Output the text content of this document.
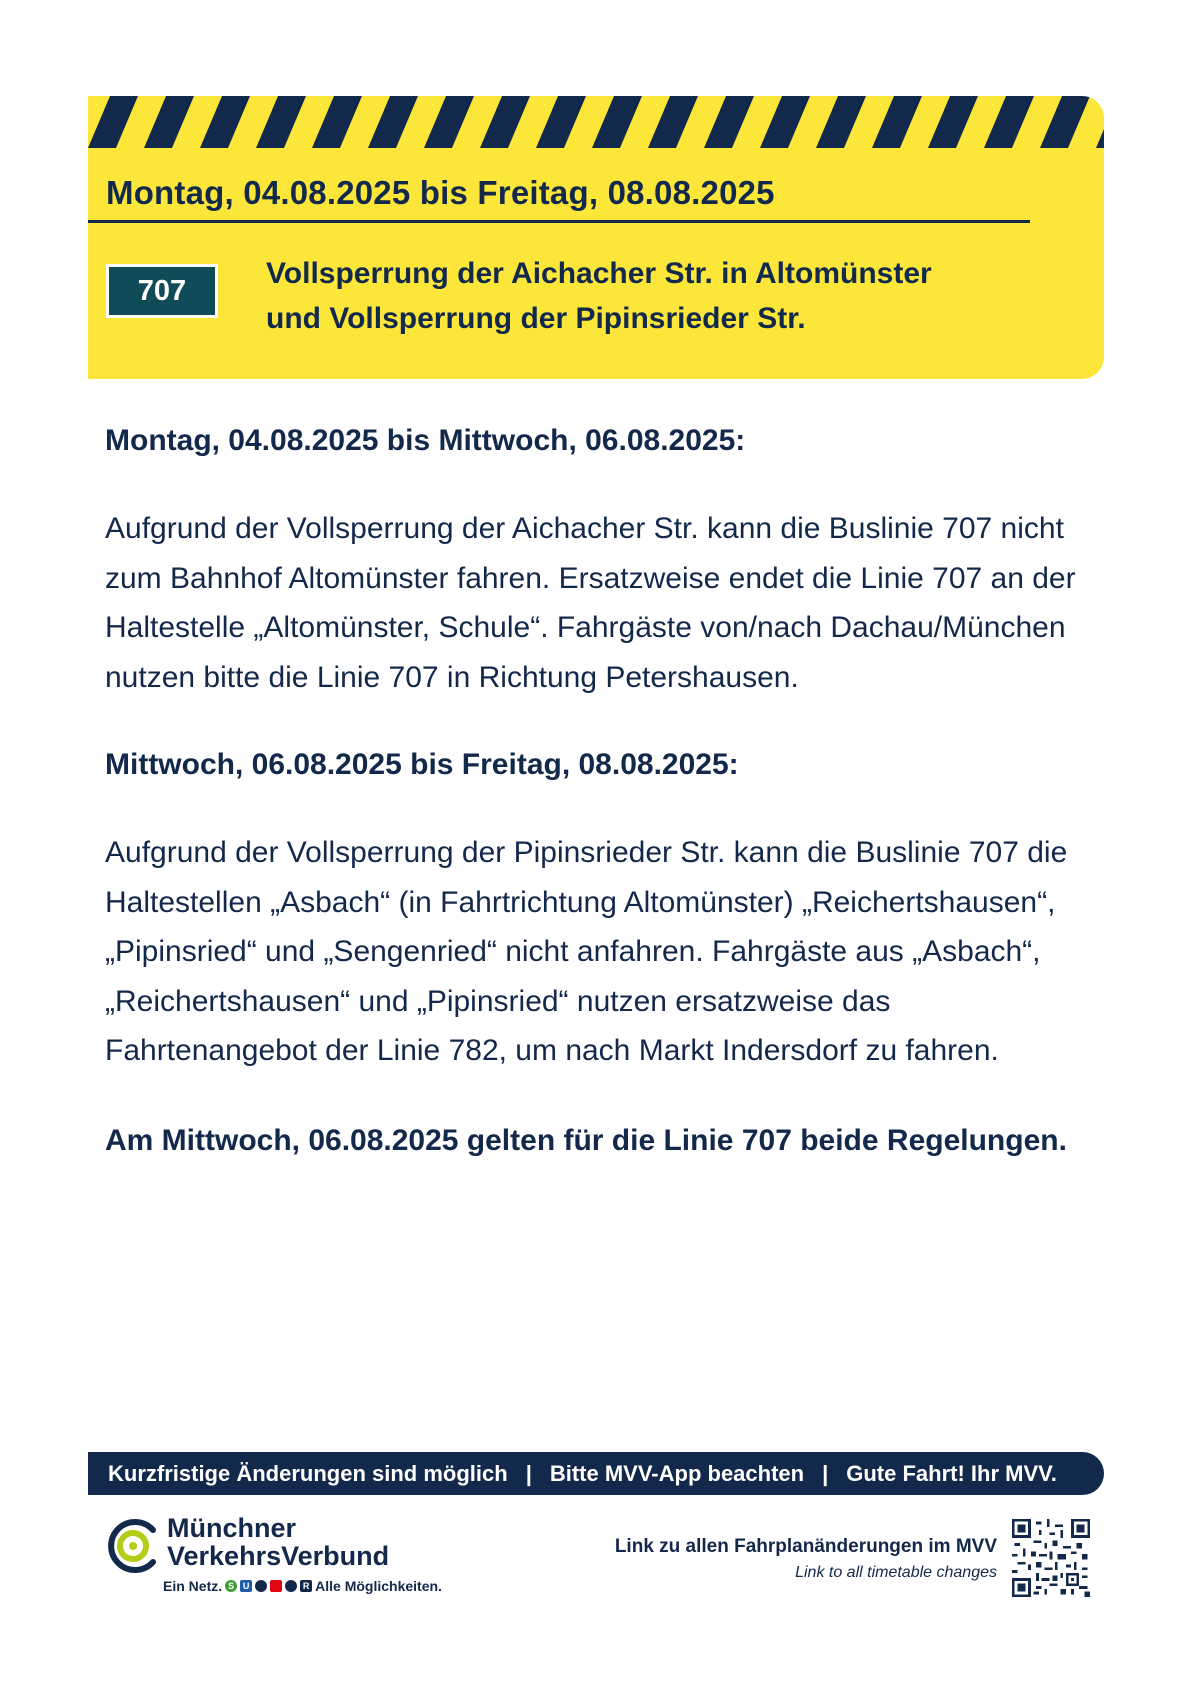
Montag, 04.08.2025 bis Freitag, 08.08.2025
707
Vollsperrung der Aichacher Str. in Altomünster
und Vollsperrung der Pipinsrieder Str.
Montag, 04.08.2025 bis Mittwoch, 06.08.2025:

Aufgrund der Vollsperrung der Aichacher Str. kann die Buslinie 707 nicht zum Bahnhof Altomünster fahren. Ersatzweise endet die Linie 707 an der Haltestelle „Altomünster, Schule“. Fahrgäste von/nach Dachau/München nutzen bitte die Linie 707 in Richtung Petershausen.

Mittwoch, 06.08.2025 bis Freitag, 08.08.2025:

Aufgrund der Vollsperrung der Pipinsrieder Str. kann die Buslinie 707 die Haltestellen „Asbach“ (in Fahrtrichtung Altomünster) „Reichertshausen“, „Pipinsried“ und „Sengenried“ nicht anfahren. Fahrgäste aus „Asbach“, „Reichertshausen“ und „Pipinsried“ nutzen ersatzweise das Fahrtenangebot der Linie 782, um nach Markt Indersdorf zu fahren.

Am Mittwoch, 06.08.2025 gelten für die Linie 707 beide Regelungen.

Kurzfristige Änderungen sind möglich | Bitte MVV-App beachten | Gute Fahrt! Ihr MVV.
Münchner
VerkehrsVerbund
Ein Netz. S U	R Alle Möglichkeiten.
Link zu allen Fahrplanänderungen im MVV
Link to all timetable changes
